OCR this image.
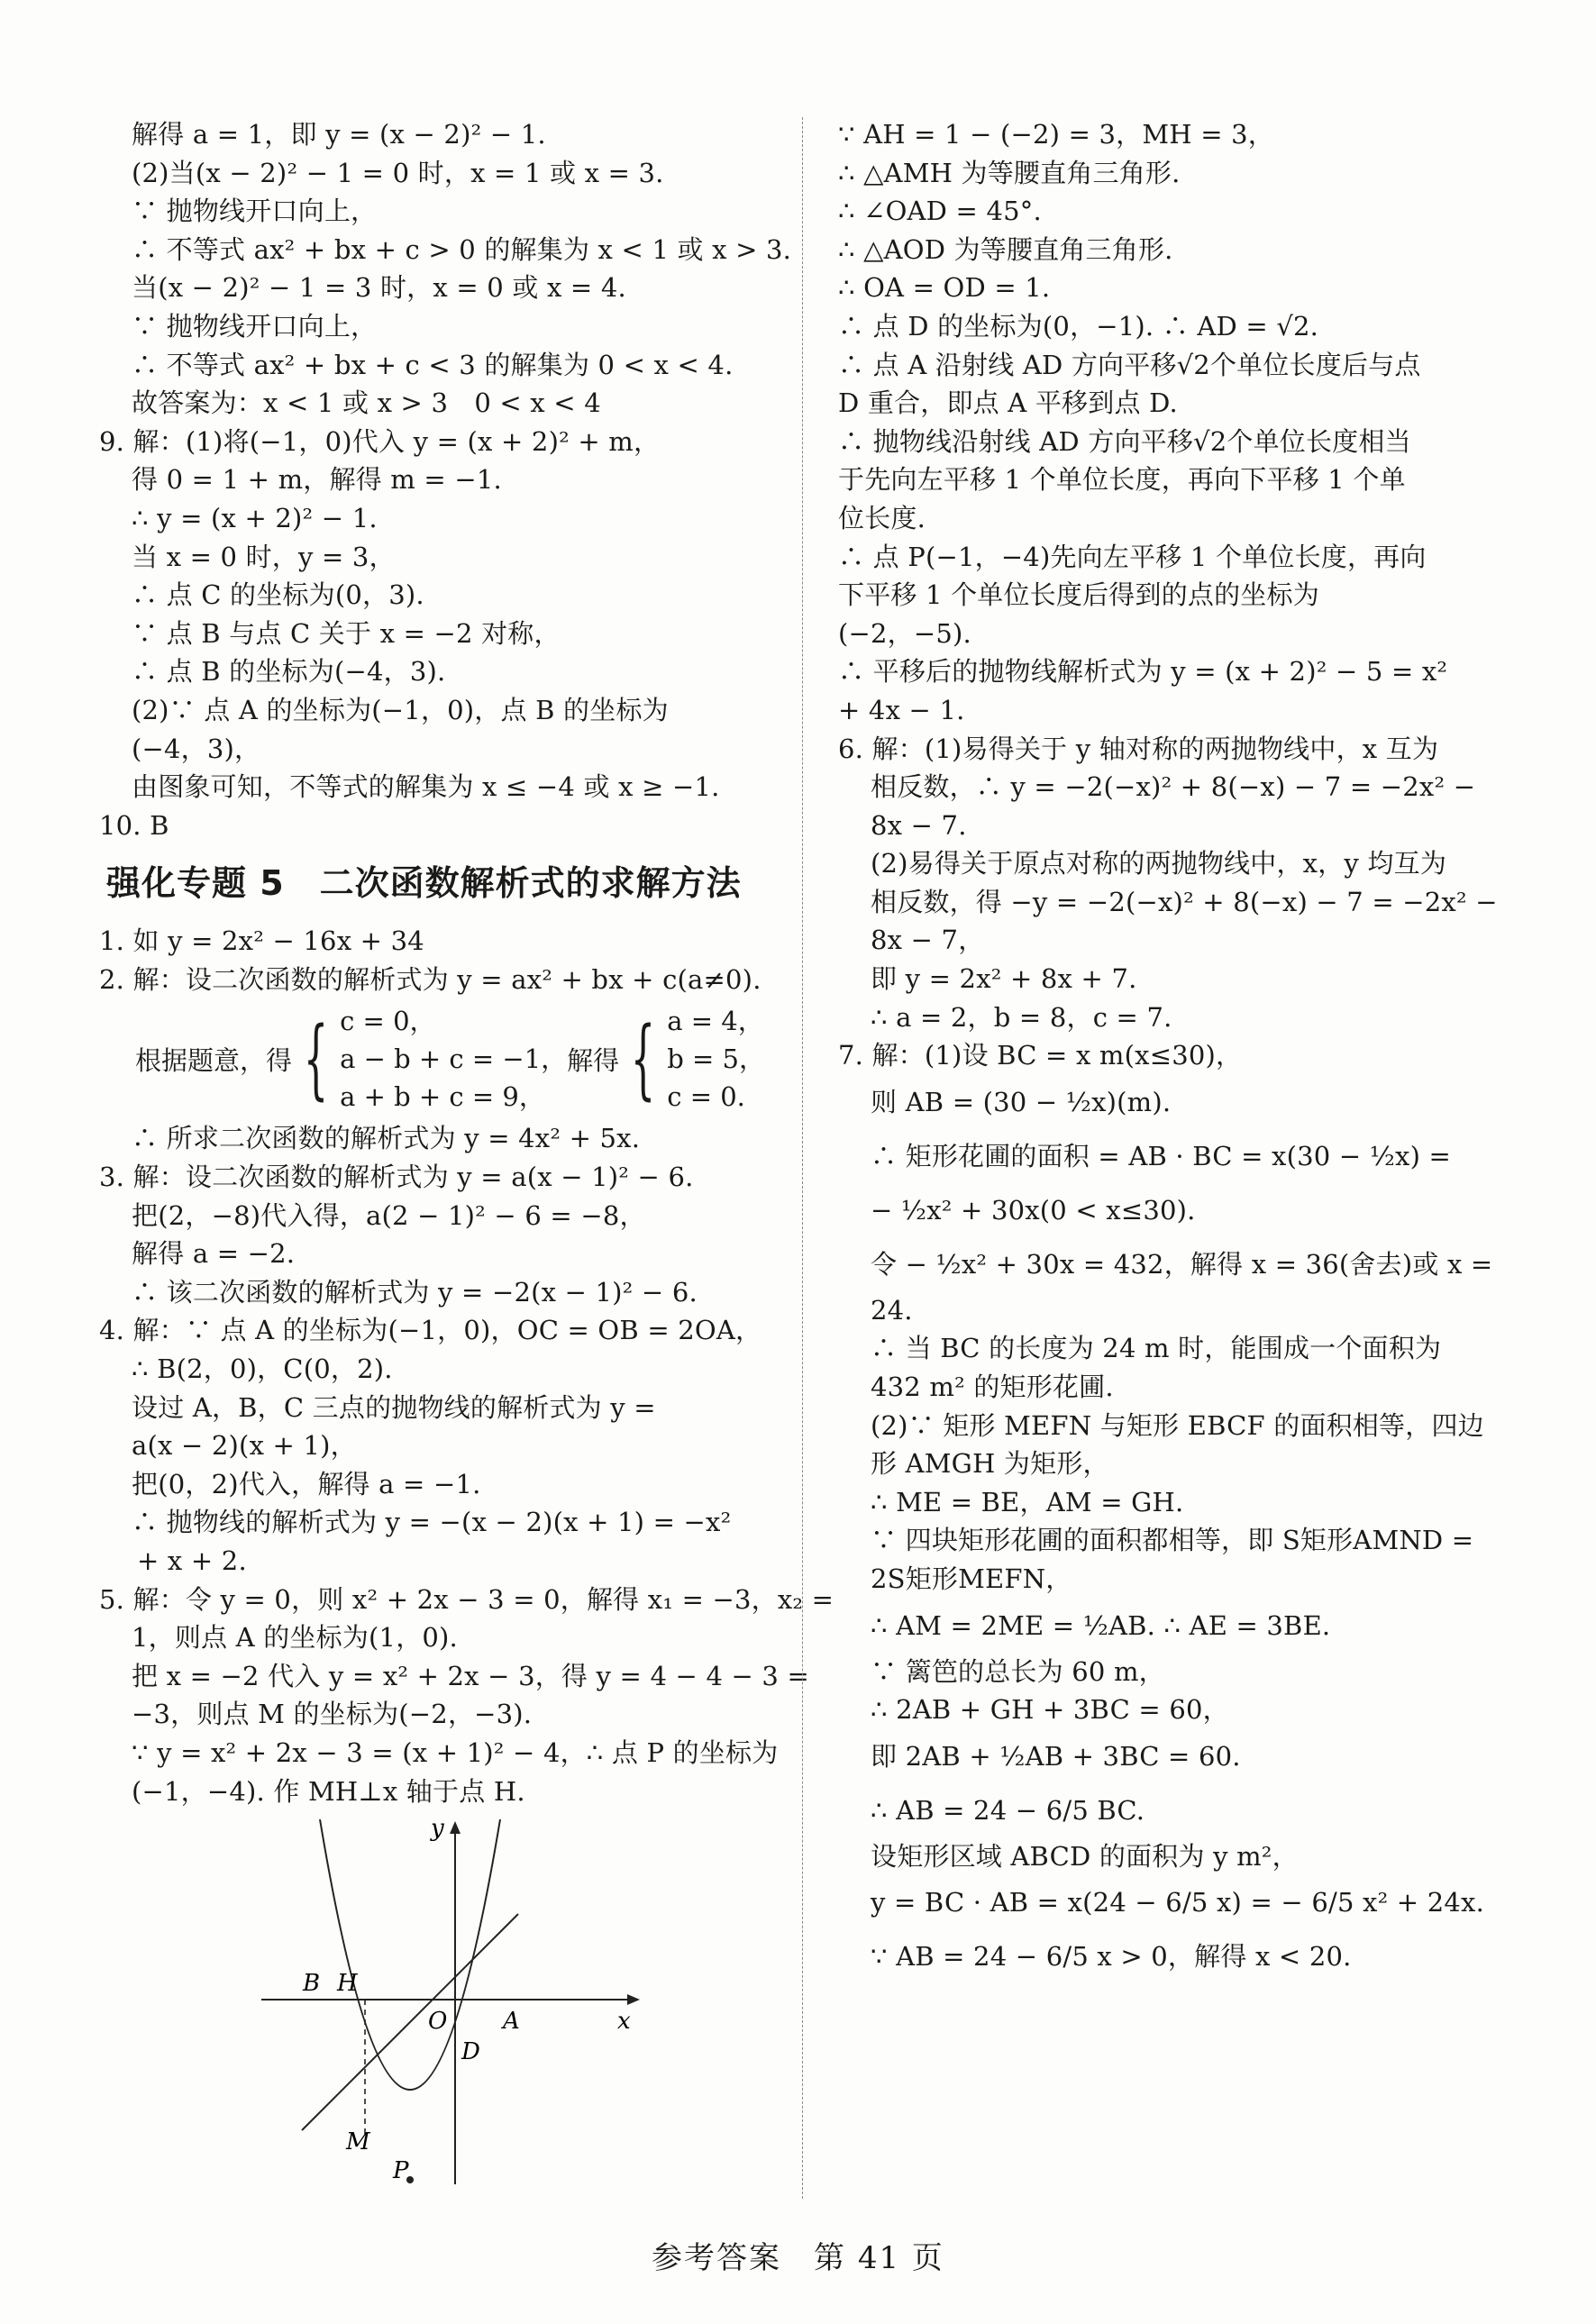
解得 a = 1，即 y = (x − 2)² − 1.
(2)当(x − 2)² − 1 = 0 时，x = 1 或 x = 3.
∵ 抛物线开口向上，
∴ 不等式 ax² + bx + c > 0 的解集为 x < 1 或 x > 3.
当(x − 2)² − 1 = 3 时，x = 0 或 x = 4.
∵ 抛物线开口向上，
∴ 不等式 ax² + bx + c < 3 的解集为 0 < x < 4.
故答案为：x < 1 或 x > 3　0 < x < 4
9. 解：(1)将(−1，0)代入 y = (x + 2)² + m，
得 0 = 1 + m，解得 m = −1.
∴ y = (x + 2)² − 1.
当 x = 0 时，y = 3，
∴ 点 C 的坐标为(0，3).
∵ 点 B 与点 C 关于 x = −2 对称，
∴ 点 B 的坐标为(−4，3).
(2)∵ 点 A 的坐标为(−1，0)，点 B 的坐标为
(−4，3)，
由图象可知，不等式的解集为 x ≤ −4 或 x ≥ −1.
10. B
强化专题 5　二次函数解析式的求解方法
1. 如 y = 2x² − 16x + 34
2. 解：设二次函数的解析式为 y = ax² + bx + c(a≠0).
根据题意，得 { c = 0，
a − b + c = −1，
a + b + c = 9，
解得 { a = 4，
b = 5，
c = 0.
∴ 所求二次函数的解析式为 y = 4x² + 5x.
3. 解：设二次函数的解析式为 y = a(x − 1)² − 6.
把(2，−8)代入得，a(2 − 1)² − 6 = −8，
解得 a = −2.
∴ 该二次函数的解析式为 y = −2(x − 1)² − 6.
4. 解：∵ 点 A 的坐标为(−1，0)，OC = OB = 2OA，
∴ B(2，0)，C(0，2).
设过 A，B，C 三点的抛物线的解析式为 y =
a(x − 2)(x + 1)，
把(0，2)代入，解得 a = −1.
∴ 抛物线的解析式为 y = −(x − 2)(x + 1) = −x²
+ x + 2.
5. 解：令 y = 0，则 x² + 2x − 3 = 0，解得 x₁ = −3，x₂ =
1，则点 A 的坐标为(1，0).
把 x = −2 代入 y = x² + 2x − 3，得 y = 4 − 4 − 3 =
−3，则点 M 的坐标为(−2，−3).
∵ y = x² + 2x − 3 = (x + 1)² − 4，∴ 点 P 的坐标为
(−1，−4). 作 MH⊥x 轴于点 H.
y
x
B H
O A
D
M
P
∵ AH = 1 − (−2) = 3，MH = 3，
∴ △AMH 为等腰直角三角形.
∴ ∠OAD = 45°.
∴ △AOD 为等腰直角三角形.
∴ OA = OD = 1.
∴ 点 D 的坐标为(0，−1). ∴ AD = √2.
∴ 点 A 沿射线 AD 方向平移√2个单位长度后与点
D 重合，即点 A 平移到点 D.
∴ 抛物线沿射线 AD 方向平移√2个单位长度相当
于先向左平移 1 个单位长度，再向下平移 1 个单
位长度.
∴ 点 P(−1，−4)先向左平移 1 个单位长度，再向
下平移 1 个单位长度后得到的点的坐标为
(−2，−5).
∴ 平移后的抛物线解析式为 y = (x + 2)² − 5 = x²
+ 4x − 1.
6. 解：(1)易得关于 y 轴对称的两抛物线中，x 互为
相反数，∴ y = −2(−x)² + 8(−x) − 7 = −2x² −
8x − 7.
(2)易得关于原点对称的两抛物线中，x，y 均互为
相反数，得 −y = −2(−x)² + 8(−x) − 7 = −2x² −
8x − 7，
即 y = 2x² + 8x + 7.
∴ a = 2，b = 8，c = 7.
7. 解：(1)设 BC = x m(x≤30)，
则 AB = (30 − ½x)(m).
∴ 矩形花圃的面积 = AB · BC = x(30 − ½x) =
− ½x² + 30x(0 < x≤30).
令 − ½x² + 30x = 432，解得 x = 36(舍去)或 x =
24.
∴ 当 BC 的长度为 24 m 时，能围成一个面积为
432 m² 的矩形花圃.
(2)∵ 矩形 MEFN 与矩形 EBCF 的面积相等，四边
形 AMGH 为矩形，
∴ ME = BE，AM = GH.
∵ 四块矩形花圃的面积都相等，即 S矩形AMND =
2S矩形MEFN，
∴ AM = 2ME = ½AB. ∴ AE = 3BE.
∵ 篱笆的总长为 60 m，
∴ 2AB + GH + 3BC = 60，
即 2AB + ½AB + 3BC = 60.
∴ AB = 24 − 6/5 BC.
设矩形区域 ABCD 的面积为 y m²，
y = BC · AB = x(24 − 6/5 x) = − 6/5 x² + 24x.
∵ AB = 24 − 6/5 x > 0，解得 x < 20.
参考答案　第 41 页
